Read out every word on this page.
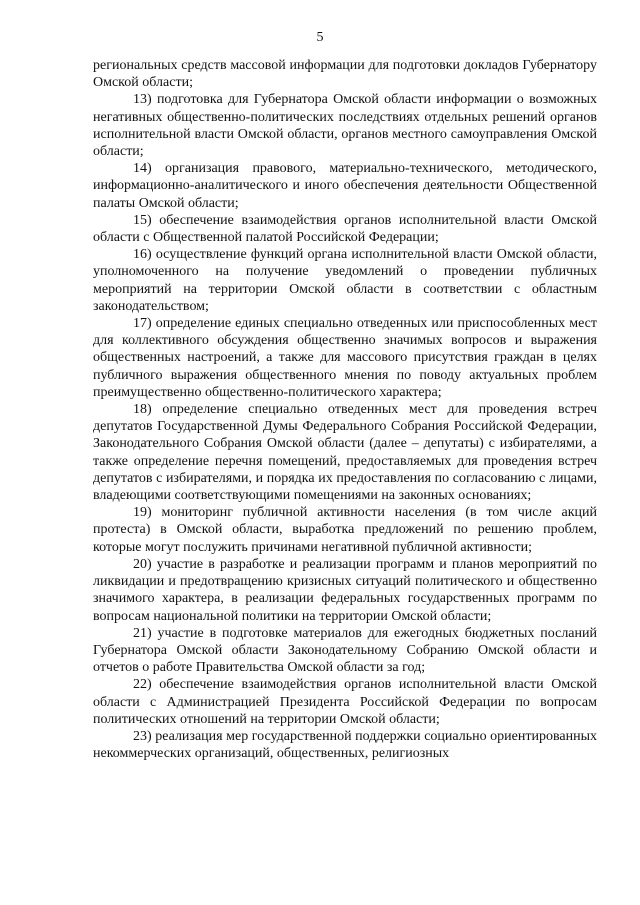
5

региональных средств массовой информации для подготовки докладов Губернатору Омской области;

13) подготовка для Губернатора Омской области информации о возможных негативных общественно-политических последствиях отдельных решений органов исполнительной власти Омской области, органов местного самоуправления Омской области;

14) организация правового, материально-технического, методического, информационно-аналитического и иного обеспечения деятельности Общественной палаты Омской области;

15) обеспечение взаимодействия органов исполнительной власти Омской области с Общественной палатой Российской Федерации;

16) осуществление функций органа исполнительной власти Омской области, уполномоченного на получение уведомлений о проведении публичных мероприятий на территории Омской области в соответствии с областным законодательством;

17) определение единых специально отведенных или приспособленных мест для коллективного обсуждения общественно значимых вопросов и выражения общественных настроений, а также для массового присутствия граждан в целях публичного выражения общественного мнения по поводу актуальных проблем преимущественно общественно-политического характера;

18) определение специально отведенных мест для проведения встреч депутатов Государственной Думы Федерального Собрания Российской Федерации, Законодательного Собрания Омской области (далее – депутаты) с избирателями, а также определение перечня помещений, предоставляемых для проведения встреч депутатов с избирателями, и порядка их предоставления по согласованию с лицами, владеющими соответствующими помещениями на законных основаниях;

19) мониторинг публичной активности населения (в том числе акций протеста) в Омской области, выработка предложений по решению проблем, которые могут послужить причинами негативной публичной активности;

20) участие в разработке и реализации программ и планов мероприятий по ликвидации и предотвращению кризисных ситуаций политического и общественно значимого характера, в реализации федеральных государственных программ по вопросам национальной политики на территории Омской области;

21) участие в подготовке материалов для ежегодных бюджетных посланий Губернатора Омской области Законодательному Собранию Омской области и отчетов о работе Правительства Омской области за год;

22) обеспечение взаимодействия органов исполнительной власти Омской области с Администрацией Президента Российской Федерации по вопросам политических отношений на территории Омской области;

23) реализация мер государственной поддержки социально ориентированных некоммерческих организаций, общественных, религиозных
